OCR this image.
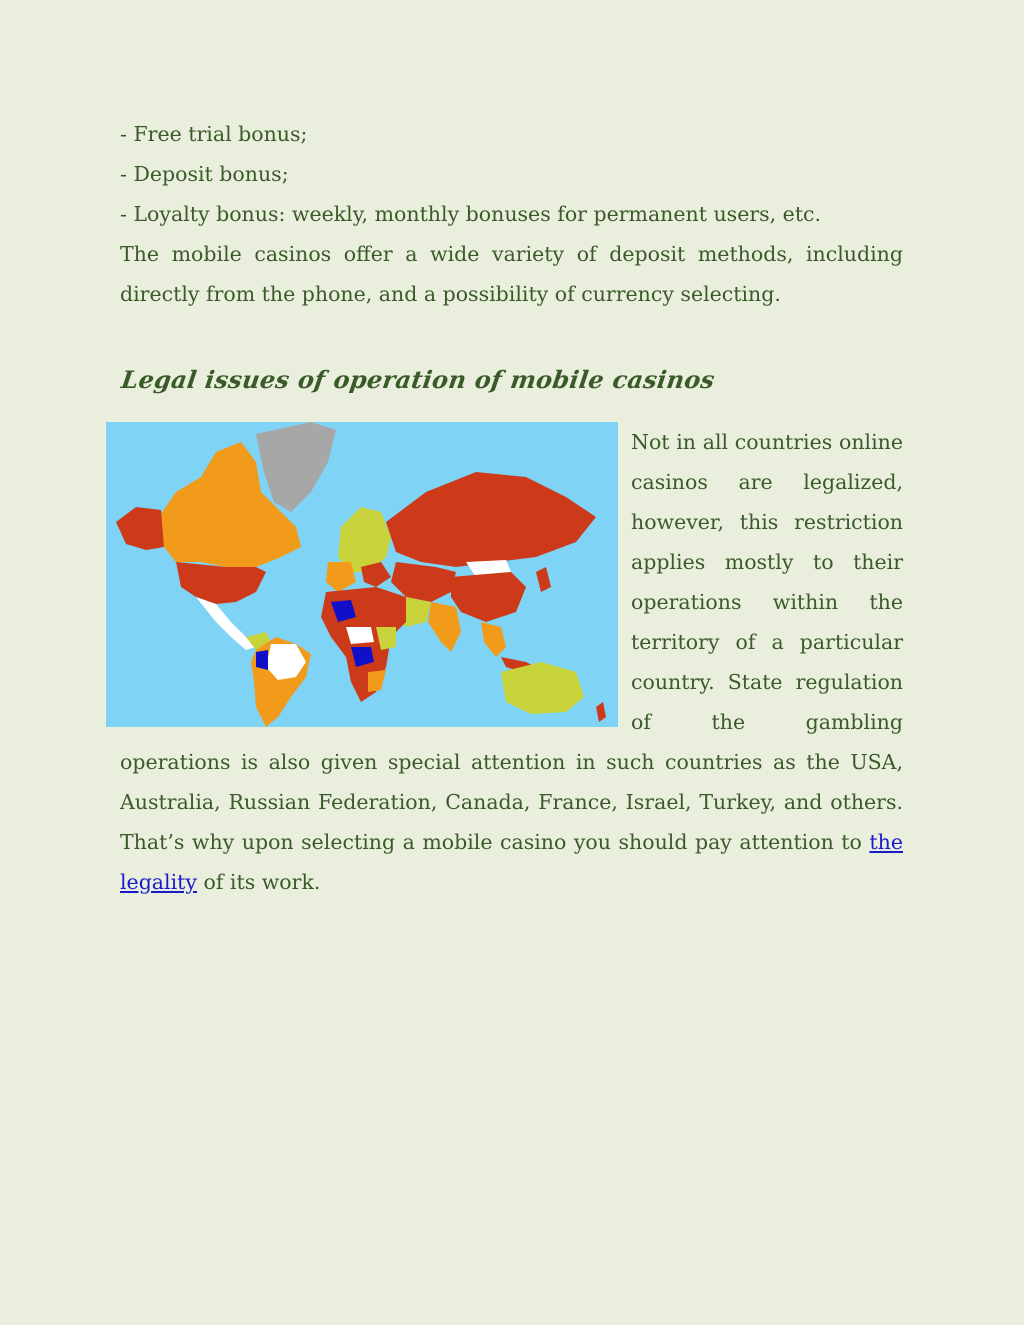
- Free trial bonus;
- Deposit bonus;
- Loyalty bonus: weekly, monthly bonuses for permanent users, etc.
The mobile casinos offer a wide variety of deposit methods, including directly from the phone, and a possibility of currency selecting.
Legal issues of operation of mobile casinos
Not in all countries online casinos are legalized, however, this restriction applies mostly to their operations within the territory of a particular country. State regulation of the gambling operations is also given special attention in such countries as the USA, Australia, Russian Federation, Canada, France, Israel, Turkey, and others. That’s why upon selecting a mobile casino you should pay attention to the legality of its work.
